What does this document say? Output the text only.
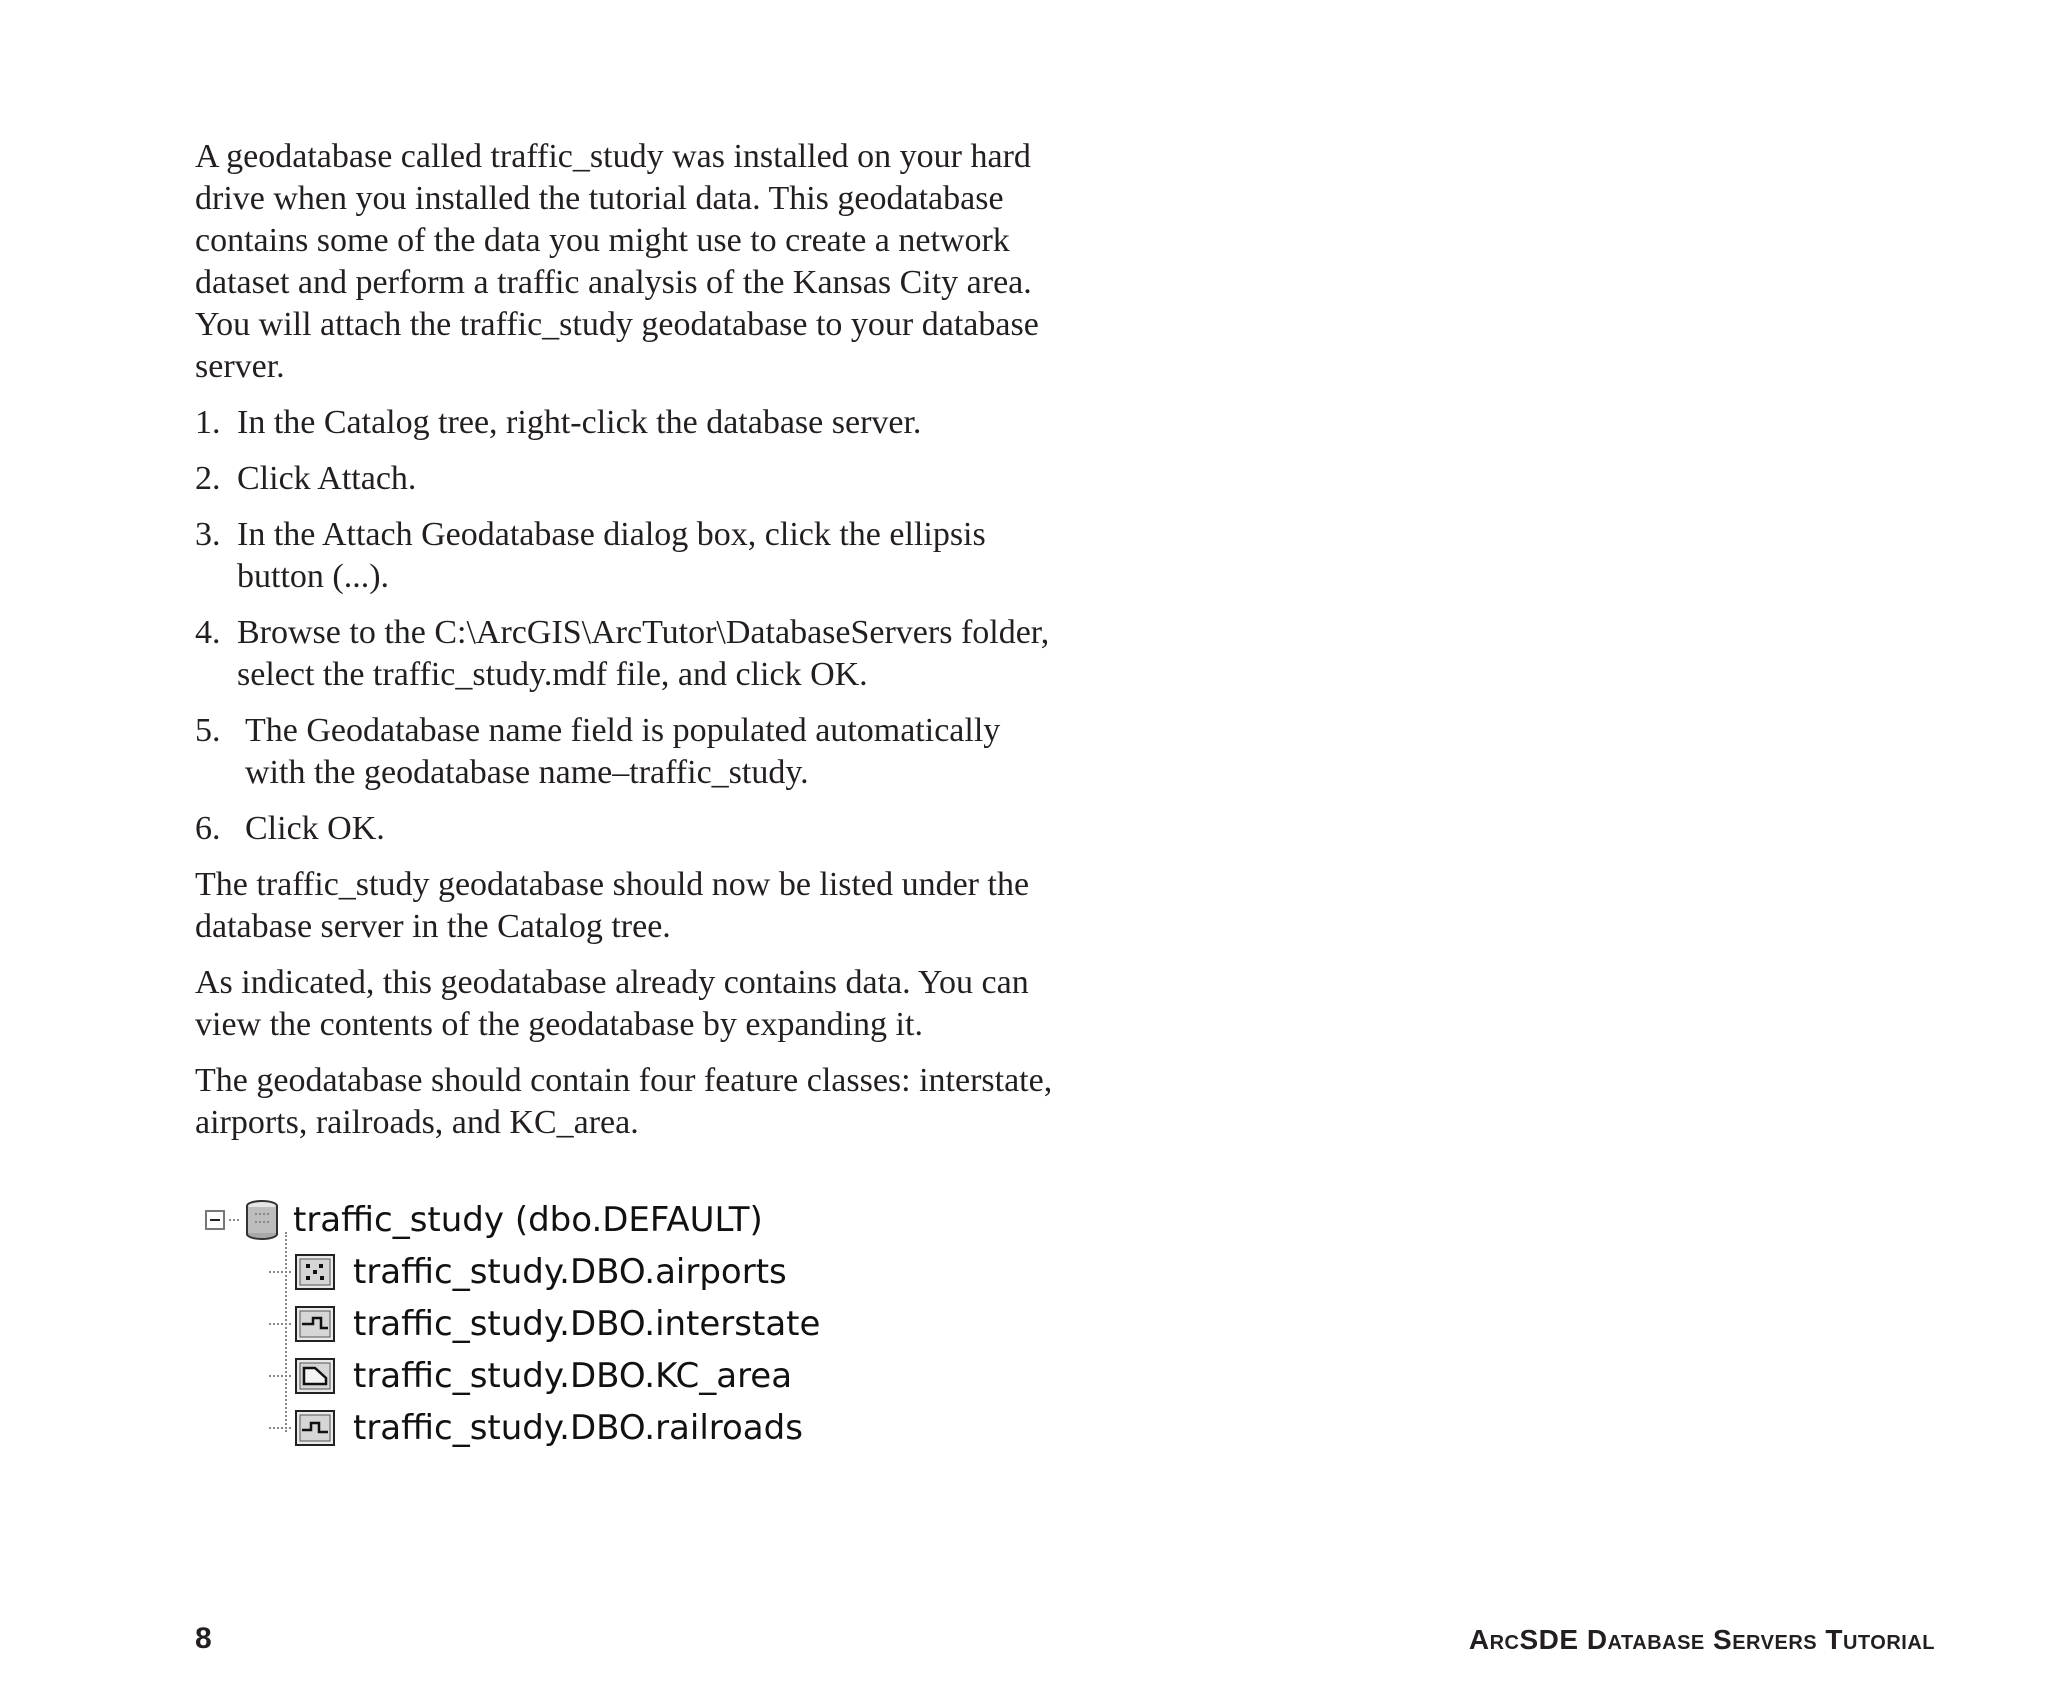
A geodatabase called traffic_study was installed on your hard drive when you installed the tutorial data. This geodatabase contains some of the data you might use to create a network dataset and perform a traffic analysis of the Kansas City area. You will attach the traffic_study geodatabase to your database server.

1. In the Catalog tree, right-click the database server.
2. Click Attach.
3. In the Attach Geodatabase dialog box, click the ellipsis button (...).
4. Browse to the C:\ArcGIS\ArcTutor\DatabaseServers folder, select the traffic_study.mdf file, and click OK.
5. The Geodatabase name field is populated automatically with the geodatabase name–traffic_study.
6. Click OK.

The traffic_study geodatabase should now be listed under the database server in the Catalog tree.

As indicated, this geodatabase already contains data. You can view the contents of the geodatabase by expanding it.

The geodatabase should contain four feature classes: interstate, airports, railroads, and KC_area.

traffic_study (dbo.DEFAULT)
traffic_study.DBO.airports
traffic_study.DBO.interstate
traffic_study.DBO.KC_area
traffic_study.DBO.railroads
8	ArcSDE Database Servers Tutorial
